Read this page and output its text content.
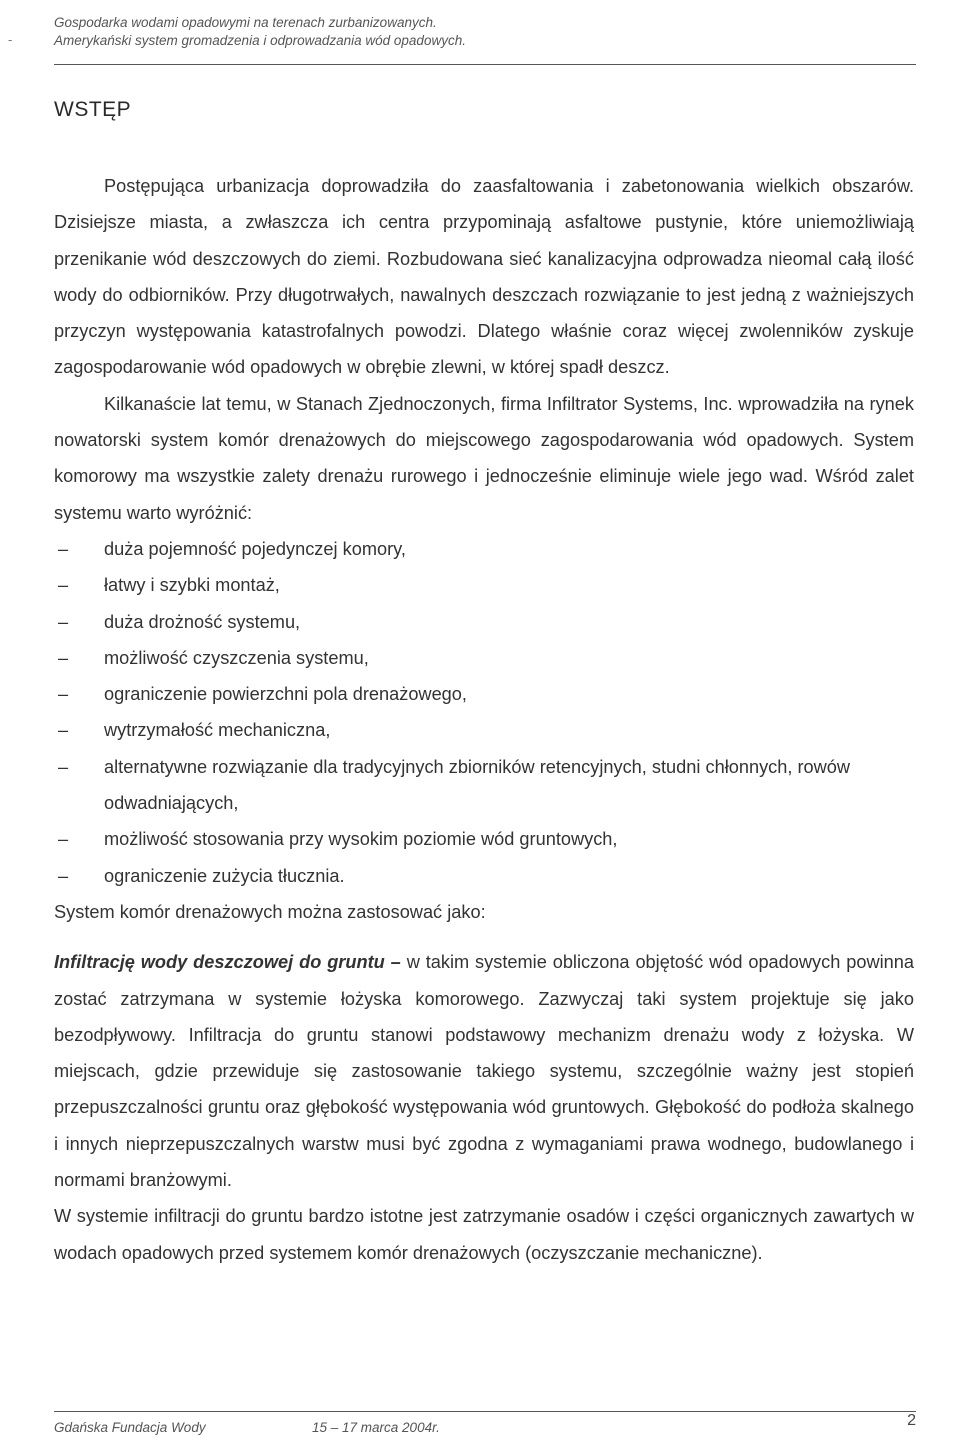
-
Gospodarka wodami opadowymi na terenach zurbanizowanych.
Amerykański system gromadzenia i odprowadzania wód opadowych.
WSTĘP

Postępująca urbanizacja doprowadziła do zaasfaltowania i zabetonowania wielkich obszarów. Dzisiejsze miasta, a zwłaszcza ich centra przypominają asfaltowe pustynie, które uniemożliwiają przenikanie wód deszczowych do ziemi. Rozbudowana sieć kanalizacyjna odprowadza nieomal całą ilość wody do odbiorników. Przy długotrwałych, nawalnych deszczach rozwiązanie to jest jedną z ważniejszych przyczyn występowania katastrofalnych powodzi. Dlatego właśnie coraz więcej zwolenników zyskuje zagospodarowanie wód opadowych w obrębie zlewni, w której spadł deszcz.

Kilkanaście lat temu, w Stanach Zjednoczonych, firma Infiltrator Systems, Inc. wprowadziła na rynek nowatorski system komór drenażowych do miejscowego zagospodarowania wód opadowych. System komorowy ma wszystkie zalety drenażu rurowego i jednocześnie eliminuje wiele jego wad. Wśród zalet systemu warto wyróżnić:

– duża pojemność pojedynczej komory,
– łatwy i szybki montaż,
– duża drożność systemu,
– możliwość czyszczenia systemu,
– ograniczenie powierzchni pola drenażowego,
– wytrzymałość mechaniczna,
– alternatywne rozwiązanie dla tradycyjnych zbiorników retencyjnych, studni chłonnych, rowów odwadniających,
– możliwość stosowania przy wysokim poziomie wód gruntowych,
– ograniczenie zużycia tłucznia.

System komór drenażowych można zastosować jako:

Infiltrację wody deszczowej do gruntu – w takim systemie obliczona objętość wód opadowych powinna zostać zatrzymana w systemie łożyska komorowego. Zazwyczaj taki system projektuje się jako bezodpływowy. Infiltracja do gruntu stanowi podstawowy mechanizm drenażu wody z łożyska. W miejscach, gdzie przewiduje się zastosowanie takiego systemu, szczególnie ważny jest stopień przepuszczalności gruntu oraz głębokość występowania wód gruntowych. Głębokość do podłoża skalnego i innych nieprzepuszczalnych warstw musi być zgodna z wymaganiami prawa wodnego, budowlanego i normami branżowymi.

W systemie infiltracji do gruntu bardzo istotne jest zatrzymanie osadów i części organicznych zawartych w wodach opadowych przed systemem komór drenażowych (oczyszczanie mechaniczne).

Gdańska Fundacja Wody	15 – 17 marca 2004r.	2
